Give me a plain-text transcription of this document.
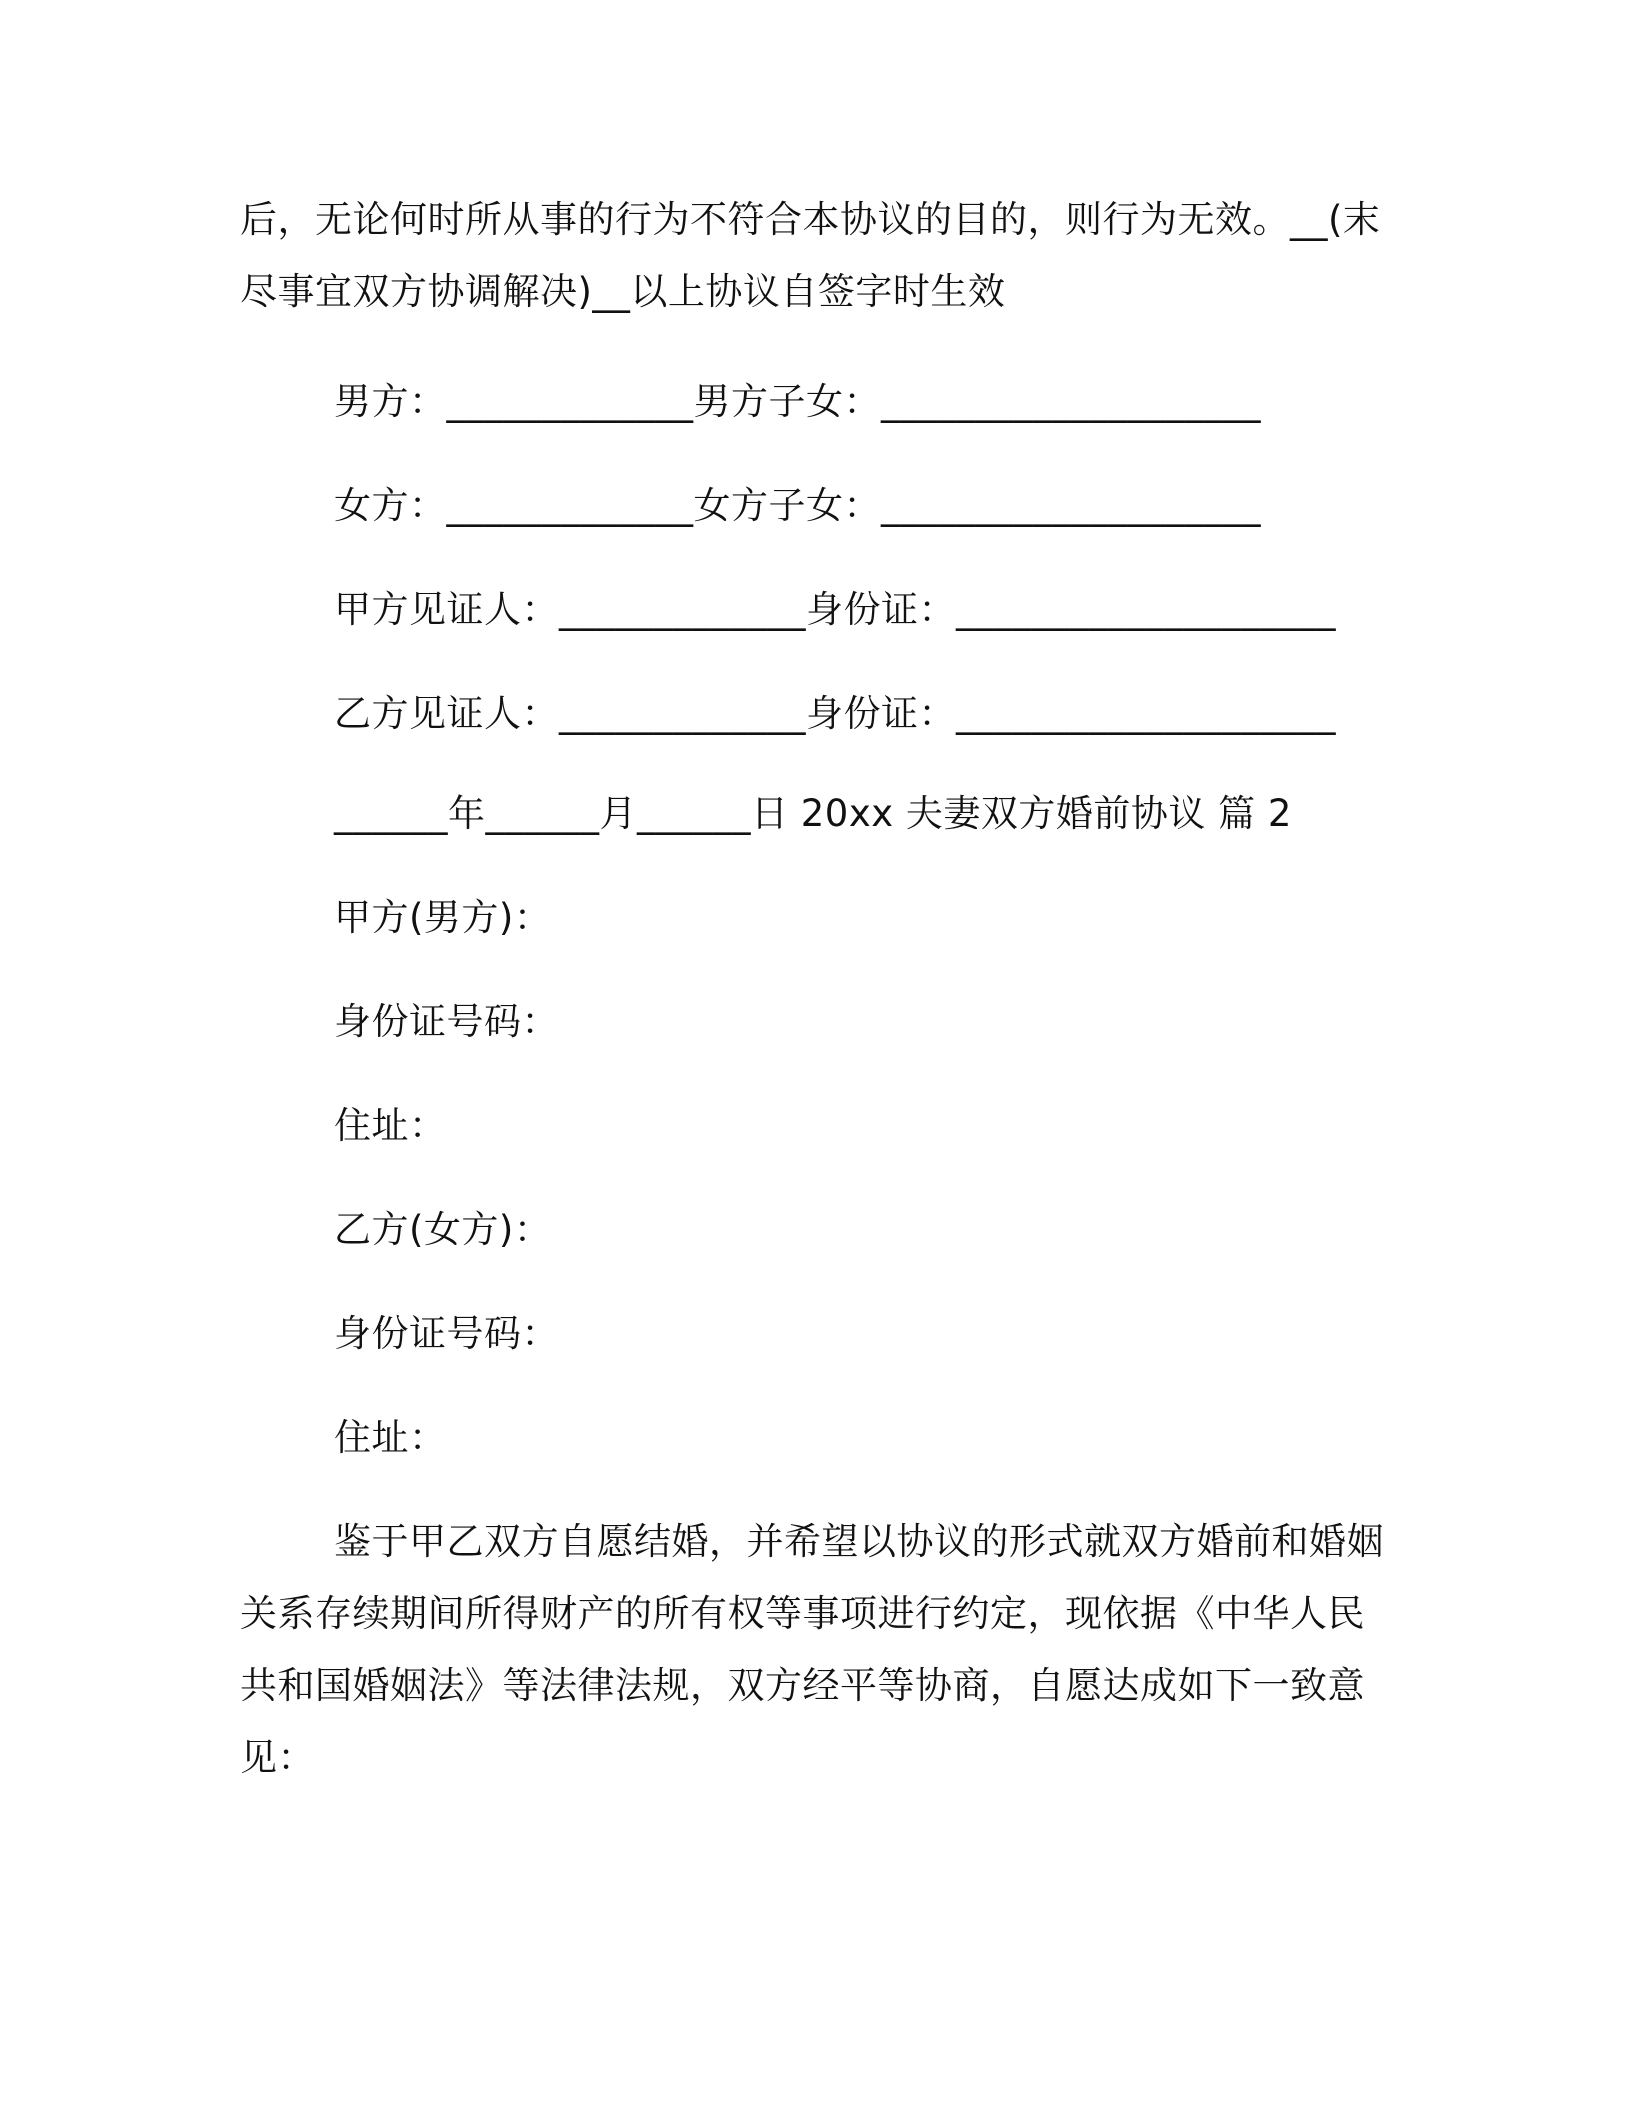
后，无论何时所从事的行为不符合本协议的目的，则行为无效。__(末
尽事宜双方协调解决)__以上协议自签字时生效
男方：_____________男方子女：____________________
女方：_____________女方子女：____________________
甲方见证人：_____________身份证：____________________
乙方见证人：_____________身份证：____________________
______年______月______日 20xx 夫妻双方婚前协议 篇 2
甲方(男方)：
身份证号码：
住址：
乙方(女方)：
身份证号码：
住址：
鉴于甲乙双方自愿结婚，并希望以协议的形式就双方婚前和婚姻
关系存续期间所得财产的所有权等事项进行约定，现依据《中华人民
共和国婚姻法》等法律法规，双方经平等协商，自愿达成如下一致意
见：
